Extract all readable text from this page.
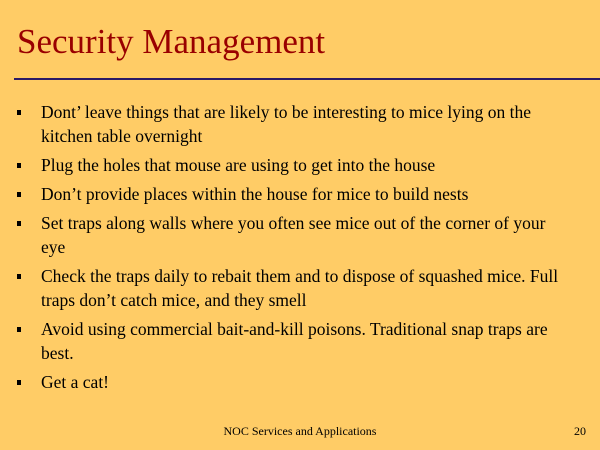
Security Management
Dont’ leave things that are likely to be interesting to mice lying on the kitchen table overnight
Plug the holes that mouse are using to get into the house
Don’t provide places within the house for mice to build nests
Set traps along walls where you often see mice out of the corner of your eye
Check the traps daily to rebait them and to dispose of squashed mice. Full traps don’t catch mice, and they smell
Avoid using commercial bait-and-kill poisons. Traditional snap traps are best.
Get a cat!
NOC Services and Applications	20
